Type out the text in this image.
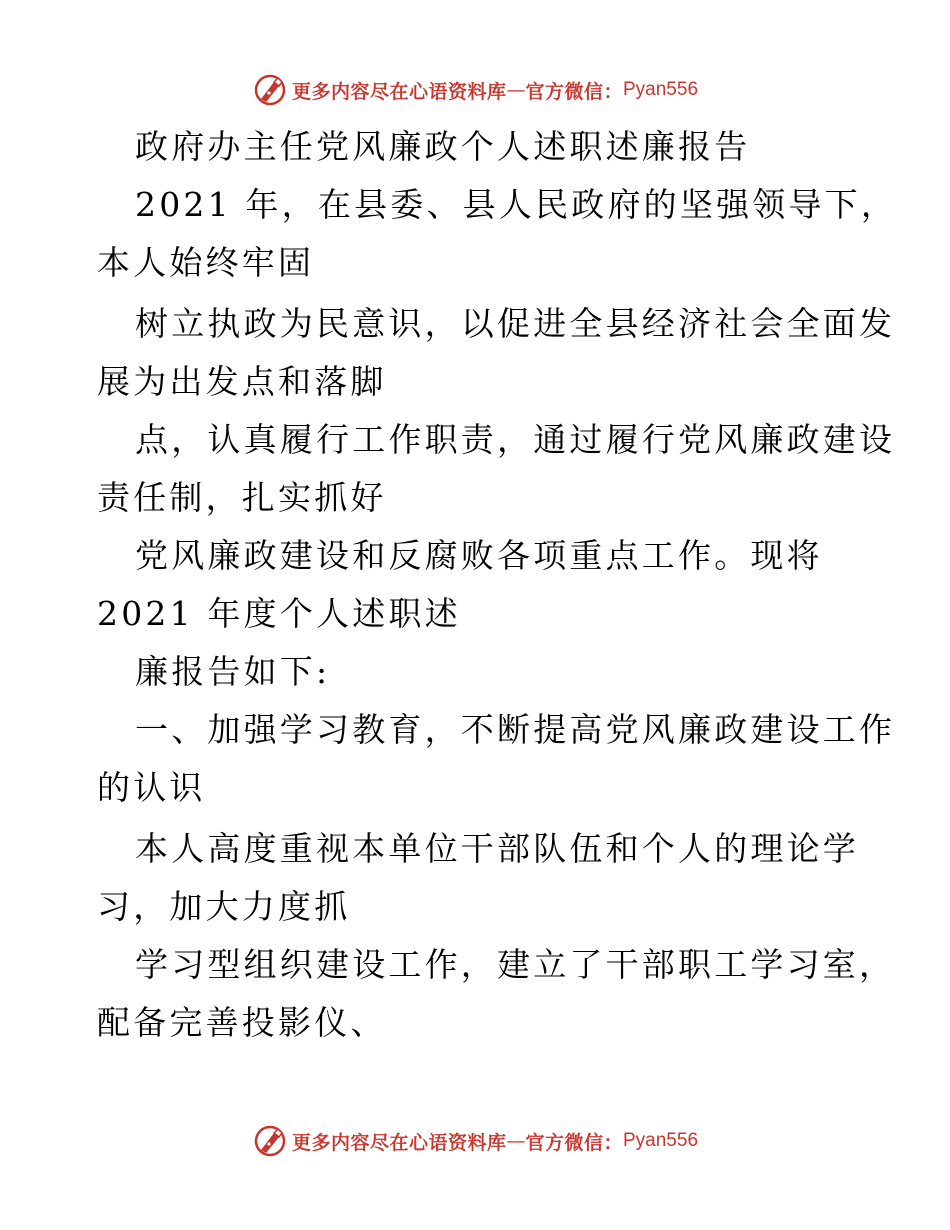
更多内容尽在心语资料库 — 官方微信： Pyan556
政府办主任党风廉政个人述职述廉报告
2021 年，在县委、县人民政府的坚强领导下，
本人始终牢固
树立执政为民意识，以促进全县经济社会全面发
展为出发点和落脚
点，认真履行工作职责，通过履行党风廉政建设
责任制，扎实抓好
党风廉政建设和反腐败各项重点工作。现将
2021 年度个人述职述
廉报告如下:
一、加强学习教育，不断提高党风廉政建设工作
的认识
本人高度重视本单位干部队伍和个人的理论学
习，加大力度抓
学习型组织建设工作，建立了干部职工学习室，
配备完善投影仪、
更多内容尽在心语资料库 — 官方微信： Pyan556
